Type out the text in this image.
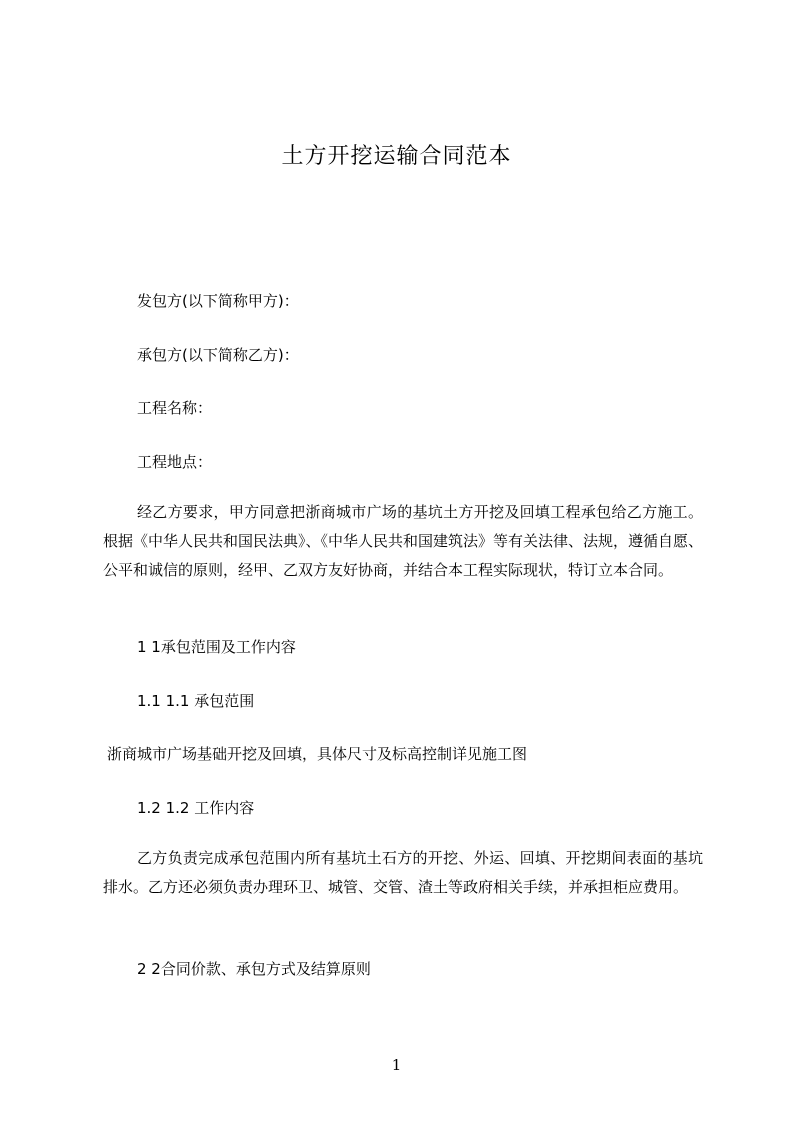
土方开挖运输合同范本
发包方(以下简称甲方)：
承包方(以下简称乙方)：
工程名称：
工程地点：
经乙方要求，甲方同意把浙商城市广场的基坑土方开挖及回填工程承包给乙方施工。根据《中华人民共和国民法典》、《中华人民共和国建筑法》等有关法律、法规，遵循自愿、公平和诚信的原则，经甲、乙双方友好协商，并结合本工程实际现状，特订立本合同。
1 1承包范围及工作内容
1.1 1.1 承包范围
浙商城市广场基础开挖及回填，具体尺寸及标高控制详见施工图
1.2 1.2 工作内容
乙方负责完成承包范围内所有基坑土石方的开挖、外运、回填、开挖期间表面的基坑排水。乙方还必须负责办理环卫、城管、交管、渣土等政府相关手续，并承担柜应费用。
2 2合同价款、承包方式及结算原则
1
